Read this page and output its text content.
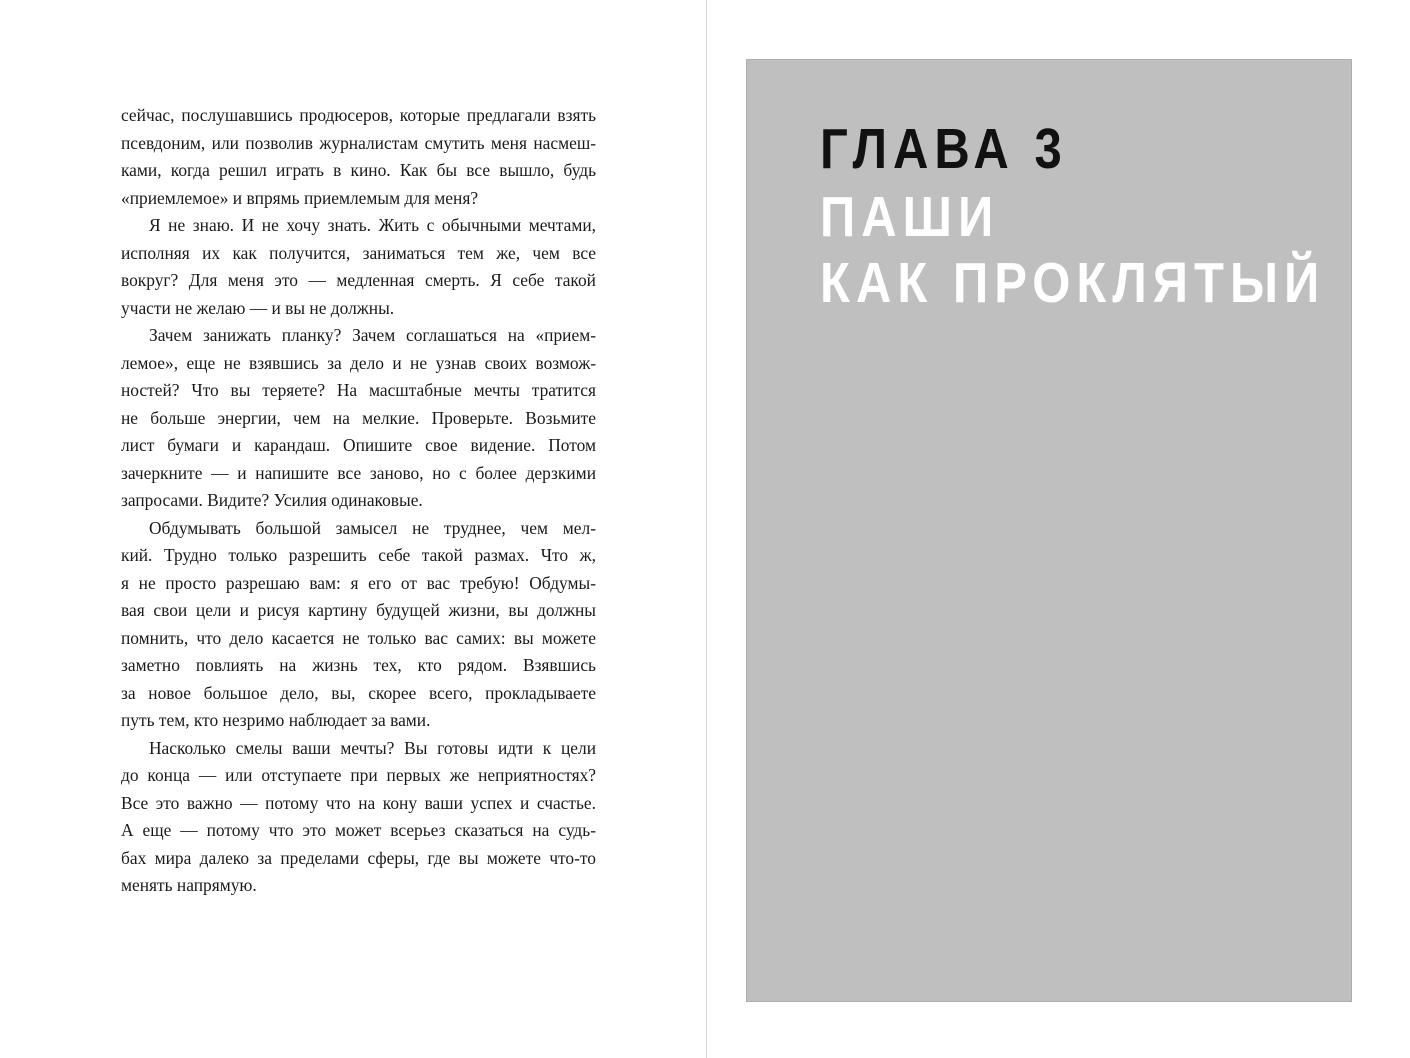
сейчас, послушавшись продюсеров, которые предлагали взять
псевдоним, или позволив журналистам смутить меня насмеш-
ками, когда решил играть в кино. Как бы все вышло, будь
«приемлемое» и впрямь приемлемым для меня?
Я не знаю. И не хочу знать. Жить с обычными мечтами,
исполняя их как получится, заниматься тем же, чем все
вокруг? Для меня это — медленная смерть. Я себе такой
участи не желаю — и вы не должны.
Зачем занижать планку? Зачем соглашаться на «прием-
лемое», еще не взявшись за дело и не узнав своих возмож-
ностей? Что вы теряете? На масштабные мечты тратится
не больше энергии, чем на мелкие. Проверьте. Возьмите
лист бумаги и карандаш. Опишите свое видение. Потом
зачеркните — и напишите все заново, но с более дерзкими
запросами. Видите? Усилия одинаковые.
Обдумывать большой замысел не труднее, чем мел-
кий. Трудно только разрешить себе такой размах. Что ж,
я не просто разрешаю вам: я его от вас требую! Обдумы-
вая свои цели и рисуя картину будущей жизни, вы должны
помнить, что дело касается не только вас самих: вы можете
заметно повлиять на жизнь тех, кто рядом. Взявшись
за новое большое дело, вы, скорее всего, прокладываете
путь тем, кто незримо наблюдает за вами.
Насколько смелы ваши мечты? Вы готовы идти к цели
до конца — или отступаете при первых же неприятностях?
Все это важно — потому что на кону ваши успех и счастье.
А еще — потому что это может всерьез сказаться на судь-
бах мира далеко за пределами сферы, где вы можете что-то
менять напрямую.
ГЛАВА 3
ПАШИ
КАК ПРОКЛЯТЫЙ
